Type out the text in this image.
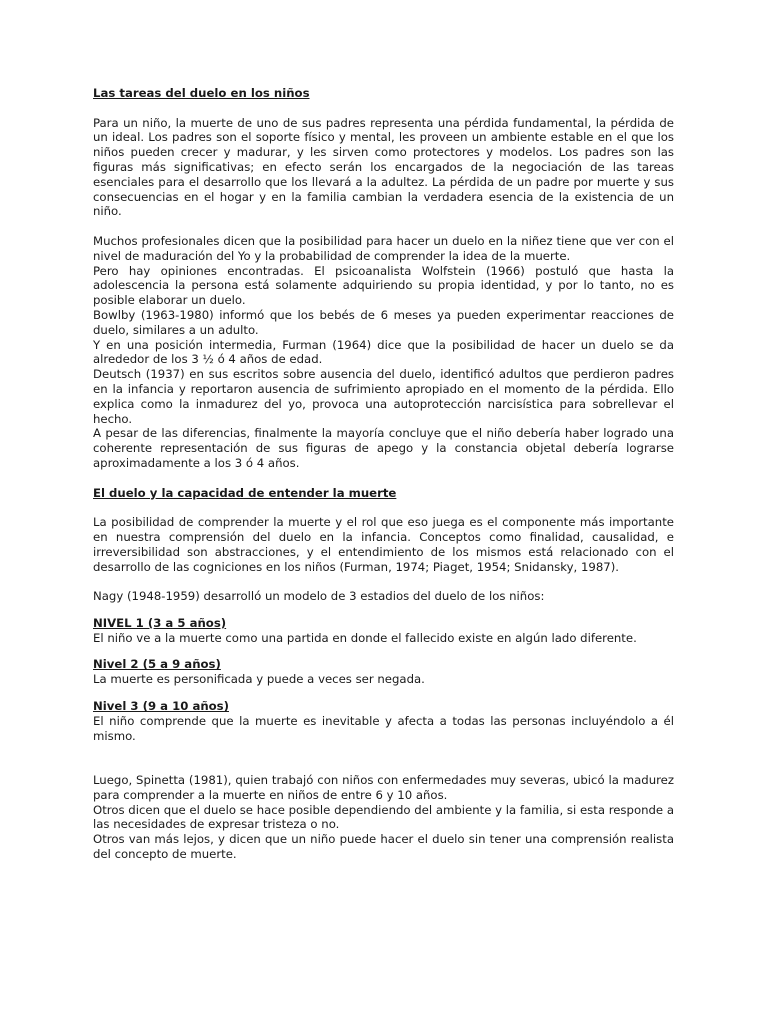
Las tareas del duelo en los niños

Para un niño, la muerte de uno de sus padres representa una pérdida fundamental, la pérdida de un ideal. Los padres son el soporte físico y mental, les proveen un ambiente estable en el que los niños pueden crecer y madurar, y les sirven como protectores y modelos. Los padres son las figuras más significativas; en efecto serán los encargados de la negociación de las tareas esenciales para el desarrollo que los llevará a la adultez. La pérdida de un padre por muerte y sus consecuencias en el hogar y en la familia cambian la verdadera esencia de la existencia de un niño.

Muchos profesionales dicen que la posibilidad para hacer un duelo en la niñez tiene que ver con el nivel de maduración del Yo y la probabilidad de comprender la idea de la muerte.

Pero hay opiniones encontradas. El psicoanalista Wolfstein (1966) postuló que hasta la adolescencia la persona está solamente adquiriendo su propia identidad, y por lo tanto, no es posible elaborar un duelo.

Bowlby (1963-1980) informó que los bebés de 6 meses ya pueden experimentar reacciones de duelo, similares a un adulto.

Y en una posición intermedia, Furman (1964) dice que la posibilidad de hacer un duelo se da alrededor de los 3 ½ ó 4 años de edad.

Deutsch (1937) en sus escritos sobre ausencia del duelo, identificó adultos que perdieron padres en la infancia y reportaron ausencia de sufrimiento apropiado en el momento de la pérdida. Ello explica como la inmadurez del yo, provoca una autoprotección narcisística para sobrellevar el hecho.

A pesar de las diferencias, finalmente la mayoría concluye que el niño debería haber logrado una coherente representación de sus figuras de apego y la constancia objetal debería lograrse aproximadamente a los 3 ó 4 años.

El duelo y la capacidad de entender la muerte

La posibilidad de comprender la muerte y el rol que eso juega es el componente más importante en nuestra comprensión del duelo en la infancia. Conceptos como finalidad, causalidad, e irreversibilidad son abstracciones, y el entendimiento de los mismos está relacionado con el desarrollo de las cogniciones en los niños (Furman, 1974; Piaget, 1954; Snidansky, 1987).

Nagy (1948-1959) desarrolló un modelo de 3 estadios del duelo de los niños:

NIVEL 1 (3 a 5 años)

El niño ve a la muerte como una partida en donde el fallecido existe en algún lado diferente.

Nivel 2 (5 a 9 años)

La muerte es personificada y puede a veces ser negada.

Nivel 3 (9 a 10 años)

El niño comprende que la muerte es inevitable y afecta a todas las personas incluyéndolo a él mismo.

Luego, Spinetta (1981), quien trabajó con niños con enfermedades muy severas, ubicó la madurez para comprender a la muerte en niños de entre 6 y 10 años.

Otros dicen que el duelo se hace posible dependiendo del ambiente y la familia, si esta responde a las necesidades de expresar tristeza o no.

Otros van más lejos, y dicen que un niño puede hacer el duelo sin tener una comprensión realista del concepto de muerte.
